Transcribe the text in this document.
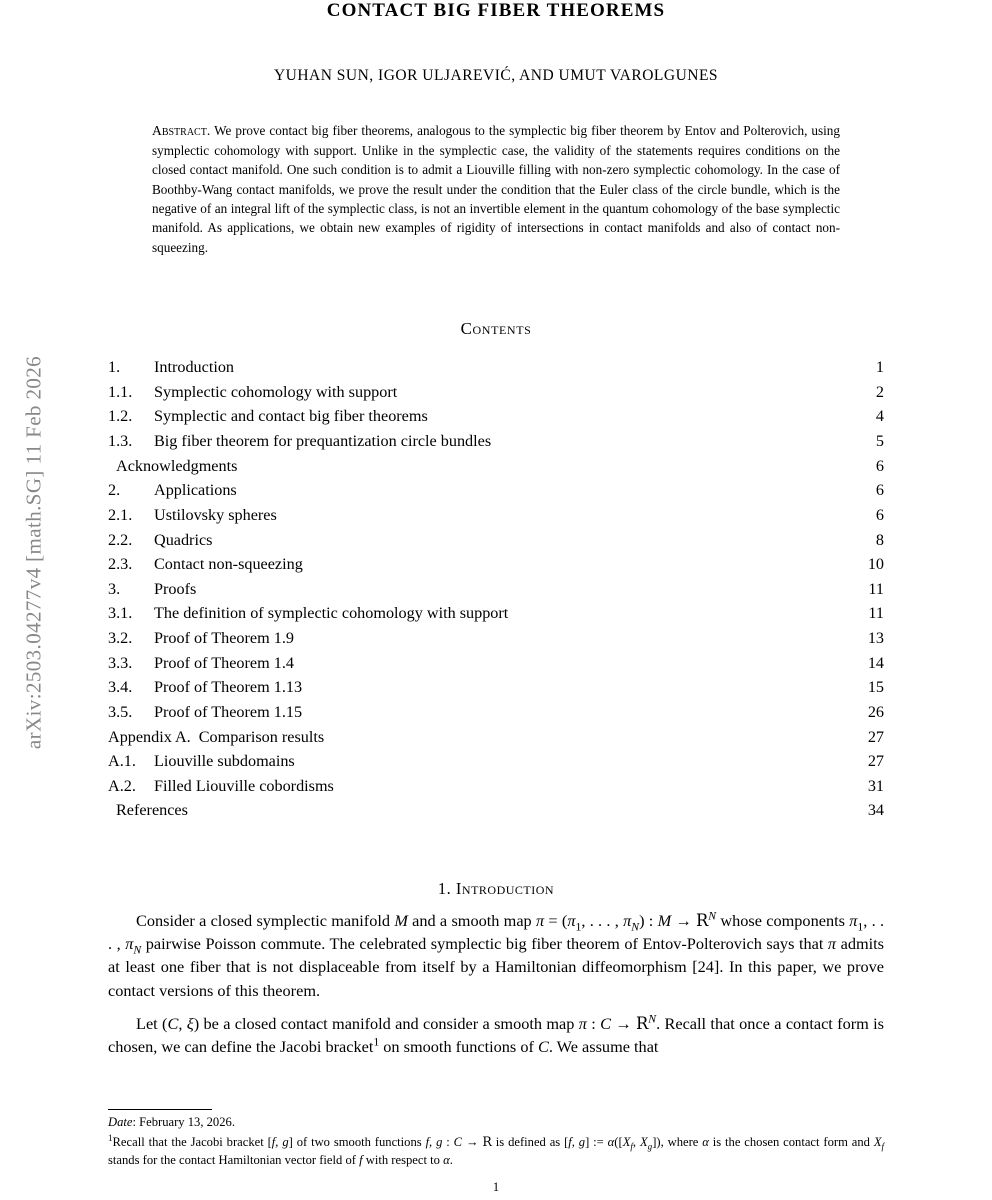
arXiv:2503.04277v4 [math.SG] 11 Feb 2026
CONTACT BIG FIBER THEOREMS
YUHAN SUN, IGOR ULJAREVIĆ, AND UMUT VAROLGUNES
Abstract. We prove contact big fiber theorems, analogous to the symplectic big fiber theorem by Entov and Polterovich, using symplectic cohomology with support. Unlike in the symplectic case, the validity of the statements requires conditions on the closed contact manifold. One such condition is to admit a Liouville filling with non-zero symplectic cohomology. In the case of Boothby-Wang contact manifolds, we prove the result under the condition that the Euler class of the circle bundle, which is the negative of an integral lift of the symplectic class, is not an invertible element in the quantum cohomology of the base symplectic manifold. As applications, we obtain new examples of rigidity of intersections in contact manifolds and also of contact non-squeezing.
Contents
1.	Introduction	1
1.1.	Symplectic cohomology with support	2
1.2.	Symplectic and contact big fiber theorems	4
1.3.	Big fiber theorem for prequantization circle bundles	5
Acknowledgments	6
2.	Applications	6
2.1.	Ustilovsky spheres	6
2.2.	Quadrics	8
2.3.	Contact non-squeezing	10
3.	Proofs	11
3.1.	The definition of symplectic cohomology with support	11
3.2.	Proof of Theorem 1.9	13
3.3.	Proof of Theorem 1.4	14
3.4.	Proof of Theorem 1.13	15
3.5.	Proof of Theorem 1.15	26
Appendix A. Comparison results	27
A.1.	Liouville subdomains	27
A.2.	Filled Liouville cobordisms	31
References	34
1. Introduction

Consider a closed symplectic manifold M and a smooth map $\pi = (\pi_1$, . . . , $\pi_N$) : $M \to R^N$ whose components $\pi_1$, . . . , $\pi_N$ pairwise Poisson commute. The celebrated symplectic big fiber theorem of Entov-Polterovich says that π admits at least one fiber that is not displaceable from itself by a Hamiltonian diffeomorphism [24]. In this paper, we prove contact versions of this theorem.

Let (C, ξ) be a closed contact manifold and consider a smooth map π : $C \to R^N$. Recall that once a contact form is chosen, we can define the Jacobi bracket$^1$ on smooth functions of C. We assume that

Date: February 13, 2026.
$^1$Recall that the Jacobi bracket [f, g] of two smooth functions f, g : C → R is defined as [f, g] := $\alpha([X_f$, $X_g$]), where α is the chosen contact form and $X_f$ stands for the contact Hamiltonian vector field of f with respect to α.
1
